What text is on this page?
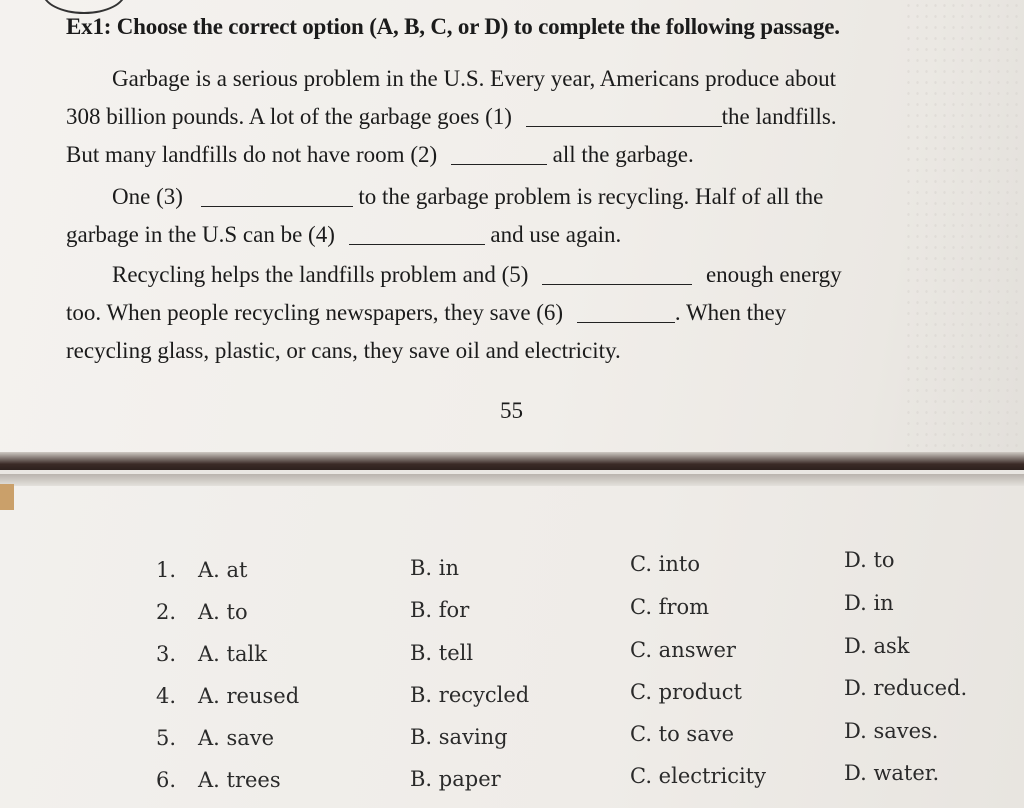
Ex1: Choose the correct option (A, B, C, or D) to complete the following passage.
Garbage is a serious problem in the U.S. Every year, Americans produce about
308 billion pounds. A lot of the garbage goes (1)	the landfills.
But many landfills do not have room (2)	all the garbage.
One (3)	to the garbage problem is recycling. Half of all the
garbage in the U.S can be (4)	and use again.
Recycling helps the landfills problem and (5)	enough energy
too. When people recycling newspapers, they save (6)	. When they
recycling glass, plastic, or cans, they save oil and electricity.
55
1. A. at	B. in	C. into	D. to
2. A. to	B. for	C. from	D. in
3. A. talk	B. tell	C. answer	D. ask
4. A. reused	B. recycled	C. product	D. reduced.
5. A. save	B. saving	C. to save	D. saves.
6. A. trees	B. paper	C. electricity	D. water.
